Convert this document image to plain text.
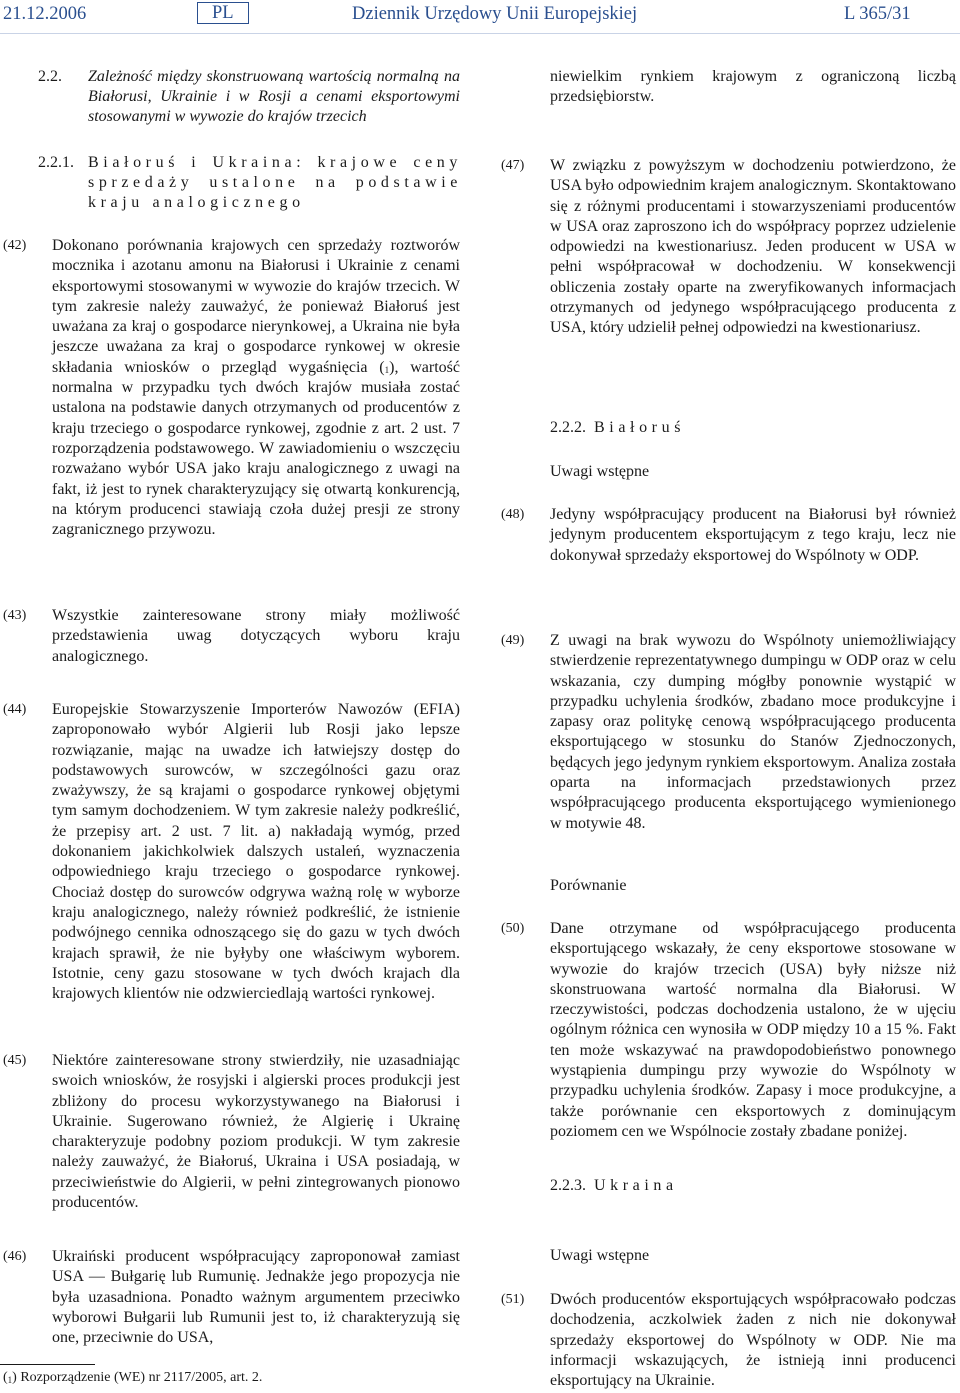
21.12.2006	PL	Dziennik Urzędowy Unii Europejskiej	L 365/31
2.2. Zależność między skonstruowaną wartością normalną na Białorusi, Ukrainie i w Rosji a cenami eksportowymi stosowanymi w wywozie do krajów trzecich
2.2.1. Białoruś i Ukraina: krajowe ceny sprzedaży ustalone na podstawie kraju analogicznego
(42) Dokonano porównania krajowych cen sprzedaży roztworów mocznika i azotanu amonu na Białorusi i Ukrainie z cenami eksportowymi stosowanymi w wywozie do krajów trzecich. W tym zakresie należy zauważyć, że ponieważ Białoruś jest uważana za kraj o gospodarce nierynkowej, a Ukraina nie była jeszcze uważana za kraj o gospodarce rynkowej w okresie składania wniosków o przegląd wygaśnięcia ($^1$), wartość normalna w przypadku tych dwóch krajów musiała zostać ustalona na podstawie danych otrzymanych od producentów z kraju trzeciego o gospodarce rynkowej, zgodnie z art. 2 ust. 7 rozporządzenia podstawowego. W zawiadomieniu o wszczęciu rozważano wybór USA jako kraju analogicznego z uwagi na fakt, iż jest to rynek charakteryzujący się otwartą konkurencją, na którym producenci stawiają czoła dużej presji ze strony zagranicznego przywozu.
(43) Wszystkie zainteresowane strony miały możliwość przedstawienia uwag dotyczących wyboru kraju analogicznego.
(44) Europejskie Stowarzyszenie Importerów Nawozów (EFIA) zaproponowało wybór Algierii lub Rosji jako lepsze rozwiązanie, mając na uwadze ich łatwiejszy dostęp do podstawowych surowców, w szczególności gazu oraz zważywszy, że są krajami o gospodarce rynkowej objętymi tym samym dochodzeniem. W tym zakresie należy podkreślić, że przepisy art. 2 ust. 7 lit. a) nakładają wymóg, przed dokonaniem jakichkolwiek dalszych ustaleń, wyznaczenia odpowiedniego kraju trzeciego o gospodarce rynkowej. Chociaż dostęp do surowców odgrywa ważną rolę w wyborze kraju analogicznego, należy również podkreślić, że istnienie podwójnego cennika odnoszącego się do gazu w tych dwóch krajach sprawił, że nie byłyby one właściwym wyborem. Istotnie, ceny gazu stosowane w tych dwóch krajach dla krajowych klientów nie odzwierciedlają wartości rynkowej.
(45) Niektóre zainteresowane strony stwierdziły, nie uzasadniając swoich wniosków, że rosyjski i algierski proces produkcji jest zbliżony do procesu wykorzystywanego na Białorusi i Ukrainie. Sugerowano również, że Algierię i Ukrainę charakteryzuje podobny poziom produkcji. W tym zakresie należy zauważyć, że Białoruś, Ukraina i USA posiadają, w przeciwieństwie do Algierii, w pełni zintegrowanych pionowo producentów.
(46) Ukraiński producent współpracujący zaproponował zamiast USA — Bułgarię lub Rumunię. Jednakże jego propozycja nie była uzasadniona. Ponadto ważnym argumentem przeciwko wyborowi Bułgarii lub Rumunii jest to, iż charakteryzują się one, przeciwnie do USA,
($^1$) Rozporządzenie (WE) nr 2117/2005, art. 2.
niewielkim rynkiem krajowym z ograniczoną liczbą przedsiębiorstw.
(47) W związku z powyższym w dochodzeniu potwierdzono, że USA było odpowiednim krajem analogicznym. Skontaktowano się z różnymi producentami i stowarzyszeniami producentów w USA oraz zaproszono ich do współpracy poprzez udzielenie odpowiedzi na kwestionariusz. Jeden producent w USA w pełni współpracował w dochodzeniu. W konsekwencji obliczenia zostały oparte na zweryfikowanych informacjach otrzymanych od jedynego współpracującego producenta z USA, który udzielił pełnej odpowiedzi na kwestionariusz.
2.2.2. Białoruś
Uwagi wstępne
(48) Jedyny współpracujący producent na Białorusi był również jedynym producentem eksportującym z tego kraju, lecz nie dokonywał sprzedaży eksportowej do Wspólnoty w ODP.
(49) Z uwagi na brak wywozu do Wspólnoty uniemożliwiający stwierdzenie reprezentatywnego dumpingu w ODP oraz w celu wskazania, czy dumping mógłby ponownie wystąpić w przypadku uchylenia środków, zbadano moce produkcyjne i zapasy oraz politykę cenową współpracującego producenta eksportującego w stosunku do Stanów Zjednoczonych, będących jego jedynym rynkiem eksportowym. Analiza została oparta na informacjach przedstawionych przez współpracującego producenta eksportującego wymienionego w motywie 48.
Porównanie
(50) Dane otrzymane od współpracującego producenta eksportującego wskazały, że ceny eksportowe stosowane w wywozie do krajów trzecich (USA) były niższe niż skonstruowana wartość normalna dla Białorusi. W rzeczywistości, podczas dochodzenia ustalono, że w ujęciu ogólnym różnica cen wynosiła w ODP między 10 a 15 %. Fakt ten może wskazywać na prawdopodobieństwo ponownego wystąpienia dumpingu przy wywozie do Wspólnoty w przypadku uchylenia środków. Zapasy i moce produkcyjne, a także porównanie cen eksportowych z dominującym poziomem cen we Wspólnocie zostały zbadane poniżej.
2.2.3. Ukraina
Uwagi wstępne
(51) Dwóch producentów eksportujących współpracowało podczas dochodzenia, aczkolwiek żaden z nich nie dokonywał sprzedaży eksportowej do Wspólnoty w ODP. Nie ma informacji wskazujących, że istnieją inni producenci eksportujący na Ukrainie.
